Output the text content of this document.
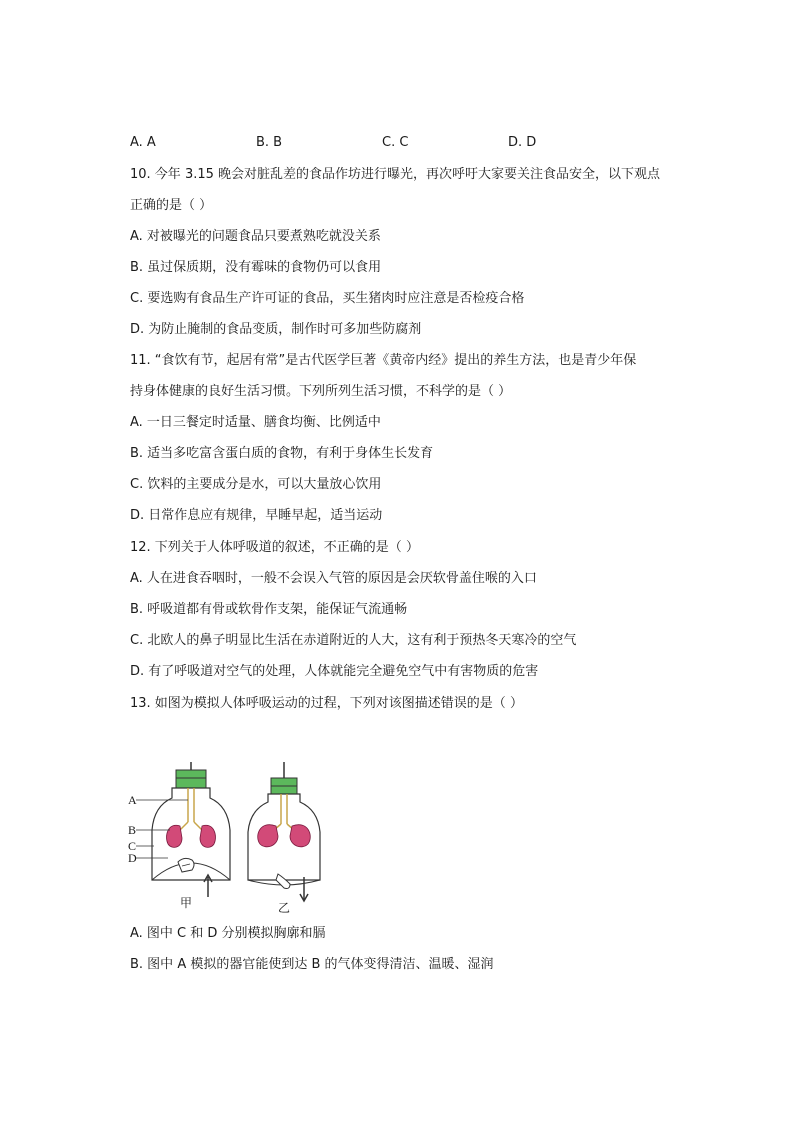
A. A	B. B	C. C	D. D
10. 今年 3.15 晚会对脏乱差的食品作坊进行曝光，再次呼吁大家要关注食品安全，以下观点
正确的是（ ）
A. 对被曝光的问题食品只要煮熟吃就没关系
B. 虽过保质期，没有霉味的食物仍可以食用
C. 要选购有食品生产许可证的食品，买生猪肉时应注意是否检疫合格
D. 为防止腌制的食品变质，制作时可多加些防腐剂
11. “食饮有节，起居有常”是古代医学巨著《黄帝内经》提出的养生方法，也是青少年保
持身体健康的良好生活习惯。下列所列生活习惯，不科学的是（ ）
A. 一日三餐定时适量、膳食均衡、比例适中
B. 适当多吃富含蛋白质的食物，有利于身体生长发育
C. 饮料的主要成分是水，可以大量放心饮用
D. 日常作息应有规律，早睡早起，适当运动
12. 下列关于人体呼吸道的叙述，不正确的是（ ）
A. 人在进食吞咽时，一般不会误入气管的原因是会厌软骨盖住喉的入口
B. 呼吸道都有骨或软骨作支架，能保证气流通畅
C. 北欧人的鼻子明显比生活在赤道附近的人大，这有利于预热冬天寒冷的空气
D. 有了呼吸道对空气的处理，人体就能完全避免空气中有害物质的危害
13. 如图为模拟人体呼吸运动的过程，下列对该图描述错误的是（ ）
A
B
C
D
甲	乙
A. 图中 C 和 D 分别模拟胸廓和膈
B. 图中 A 模拟的器官能使到达 B 的气体变得清洁、温暖、湿润
